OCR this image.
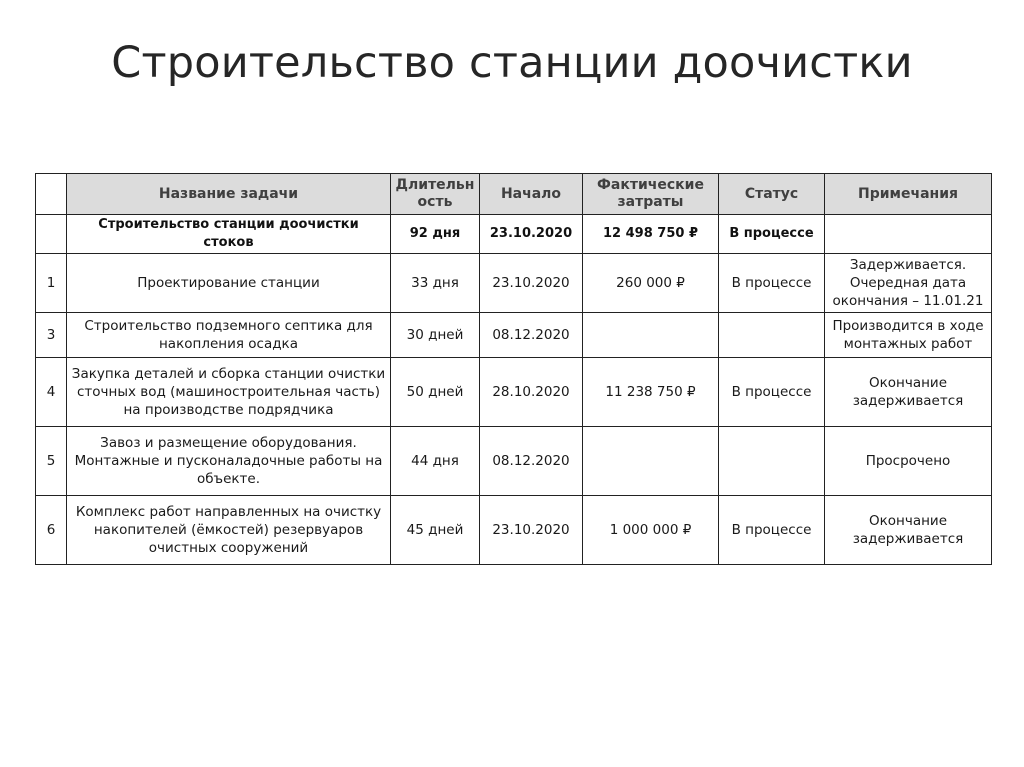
Строительство станции доочистки
	Название задачи	Длительн ость	Начало	Фактические затраты	Статус	Примечания
	Строительство станции доочистки стоков	92 дня	23.10.2020	12 498 750 ₽	В процессе	
1	Проектирование станции	33 дня	23.10.2020	260 000 ₽	В процессе	Задерживается. Очередная дата окончания – 11.01.21
3	Строительство подземного септика для накопления осадка	30 дней	08.12.2020			Производится в ходе монтажных работ
4	Закупка деталей и сборка станции очистки сточных вод (машиностроительная часть) на производстве подрядчика	50 дней	28.10.2020	11 238 750 ₽	В процессе	Окончание задерживается
5	Завоз и размещение оборудования. Монтажные и пусконаладочные работы на объекте.	44 дня	08.12.2020			Просрочено
6	Комплекс работ направленных на очистку накопителей (ёмкостей) резервуаров очистных сооружений	45 дней	23.10.2020	1 000 000 ₽	В процессе	Окончание задерживается
